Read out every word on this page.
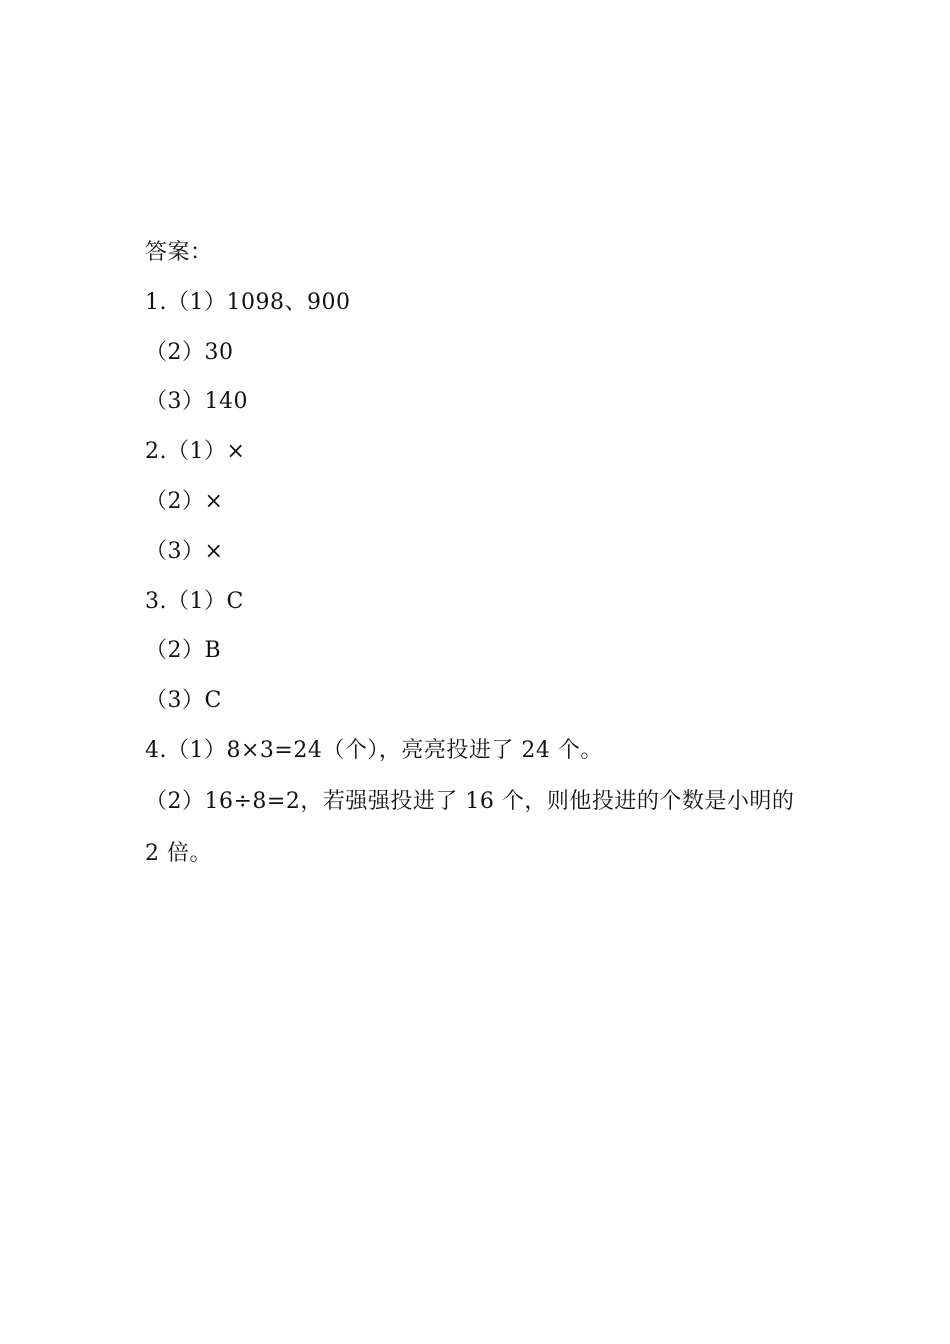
答案：
1.（1）1098、900
（2）30
（3）140
2.（1）×
（2）×
（3）×
3.（1）C
（2）B
（3）C
4.（1）8×3=24（个），亮亮投进了 24 个。
（2）16÷8=2，若强强投进了 16 个，则他投进的个数是小明的 2 倍。
